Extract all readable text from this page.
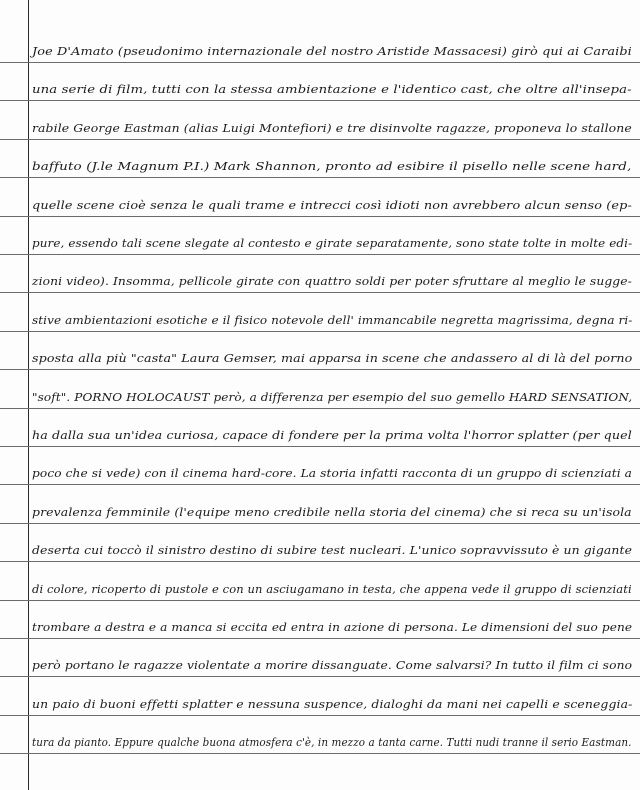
Joe D'Amato (pseudonimo internazionale del nostro Aristide Massacesi) girò qui ai Caraibi
una serie di film, tutti con la stessa ambientazione e l'identico cast, che oltre all'insepa-
rabile George Eastman (alias Luigi Montefiori) e tre disinvolte ragazze, proponeva lo stallone
baffuto (J.le Magnum P.I.) Mark Shannon, pronto ad esibire il pisello nelle scene hard,
quelle scene cioè senza le quali trame e intrecci così idioti non avrebbero alcun senso (ep-
pure, essendo tali scene slegate al contesto e girate separatamente, sono state tolte in molte edi-
zioni video). Insomma, pellicole girate con quattro soldi per poter sfruttare al meglio le sugge-
stive ambientazioni esotiche e il fisico notevole dell' immancabile negretta magrissima, degna ri-
sposta alla più "casta" Laura Gemser, mai apparsa in scene che andassero al di là del porno
"soft". PORNO HOLOCAUST però, a differenza per esempio del suo gemello HARD SENSATION,
ha dalla sua un'idea curiosa, capace di fondere per la prima volta l'horror splatter (per quel
poco che si vede) con il cinema hard-core. La storia infatti racconta di un gruppo di scienziati a
prevalenza femminile (l'equipe meno credibile nella storia del cinema) che si reca su un'isola
deserta cui toccò il sinistro destino di subire test nucleari. L'unico sopravvissuto è un gigante
di colore, ricoperto di pustole e con un asciugamano in testa, che appena vede il gruppo di scienziati
trombare a destra e a manca si eccita ed entra in azione di persona. Le dimensioni del suo pene
però portano le ragazze violentate a morire dissanguate. Come salvarsi? In tutto il film ci sono
un paio di buoni effetti splatter e nessuna suspence, dialoghi da mani nei capelli e sceneggia-
tura da pianto. Eppure qualche buona atmosfera c'è, in mezzo a tanta carne. Tutti nudi tranne il serio Eastman.
